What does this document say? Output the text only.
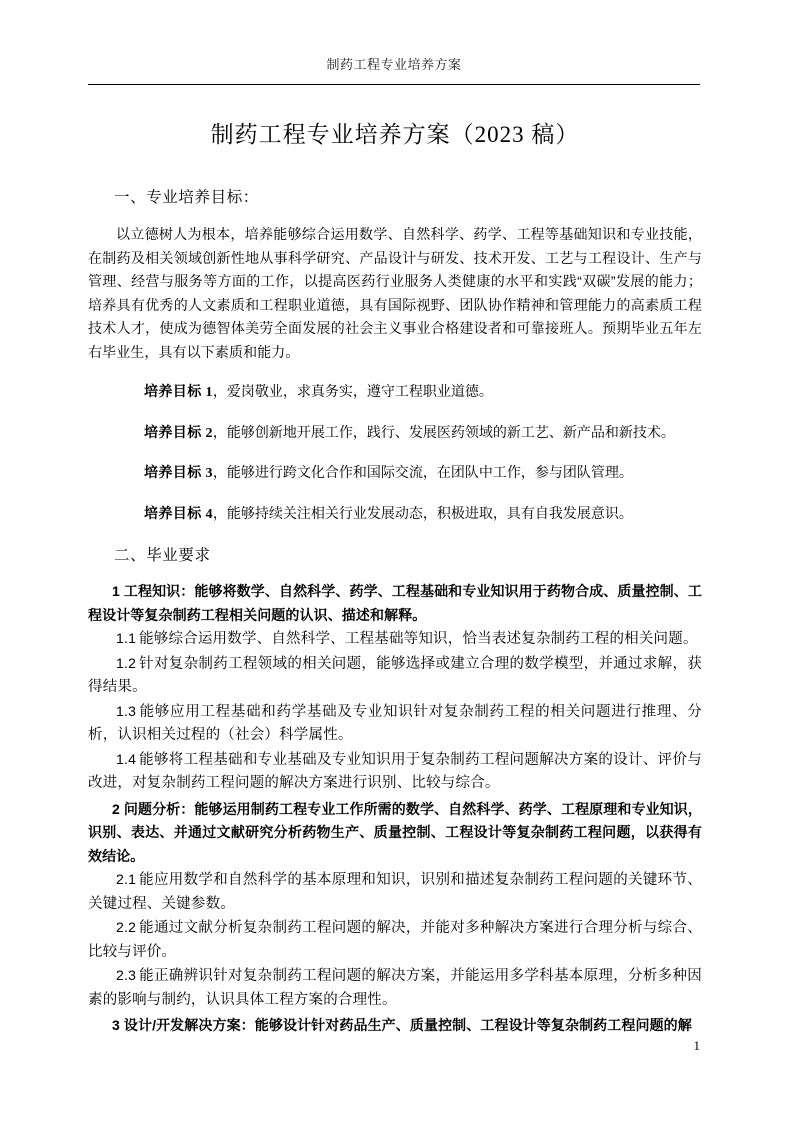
制药工程专业培养方案
制药工程专业培养方案（2023 稿）

一、专业培养目标：

以立德树人为根本，培养能够综合运用数学、自然科学、药学、工程等基础知识和专业技能，在制药及相关领域创新性地从事科学研究、产品设计与研发、技术开发、工艺与工程设计、生产与管理、经营与服务等方面的工作，以提高医药行业服务人类健康的水平和实践“双碳”发展的能力；培养具有优秀的人文素质和工程职业道德，具有国际视野、团队协作精神和管理能力的高素质工程技术人才，使成为德智体美劳全面发展的社会主义事业合格建设者和可靠接班人。预期毕业五年左右毕业生，具有以下素质和能力。

培养目标 1，爱岗敬业，求真务实，遵守工程职业道德。

培养目标 2，能够创新地开展工作，践行、发展医药领域的新工艺、新产品和新技术。

培养目标 3，能够进行跨文化合作和国际交流，在团队中工作，参与团队管理。

培养目标 4，能够持续关注相关行业发展动态，积极进取，具有自我发展意识。

二、毕业要求

1 工程知识：能够将数学、自然科学、药学、工程基础和专业知识用于药物合成、质量控制、工程设计等复杂制药工程相关问题的认识、描述和解释。

1.1 能够综合运用数学、自然科学、工程基础等知识，恰当表述复杂制药工程的相关问题。

1.2 针对复杂制药工程领域的相关问题，能够选择或建立合理的数学模型，并通过求解，获得结果。

1.3 能够应用工程基础和药学基础及专业知识针对复杂制药工程的相关问题进行推理、分析，认识相关过程的（社会）科学属性。

1.4 能够将工程基础和专业基础及专业知识用于复杂制药工程问题解决方案的设计、评价与改进，对复杂制药工程问题的解决方案进行识别、比较与综合。

2 问题分析：能够运用制药工程专业工作所需的数学、自然科学、药学、工程原理和专业知识，识别、表达、并通过文献研究分析药物生产、质量控制、工程设计等复杂制药工程问题，以获得有效结论。

2.1 能应用数学和自然科学的基本原理和知识，识别和描述复杂制药工程问题的关键环节、关键过程、关键参数。

2.2 能通过文献分析复杂制药工程问题的解决，并能对多种解决方案进行合理分析与综合、比较与评价。

2.3 能正确辨识针对复杂制药工程问题的解决方案，并能运用多学科基本原理，分析多种因素的影响与制约，认识具体工程方案的合理性。

3 设计/开发解决方案：能够设计针对药品生产、质量控制、工程设计等复杂制药工程问题的解

1
